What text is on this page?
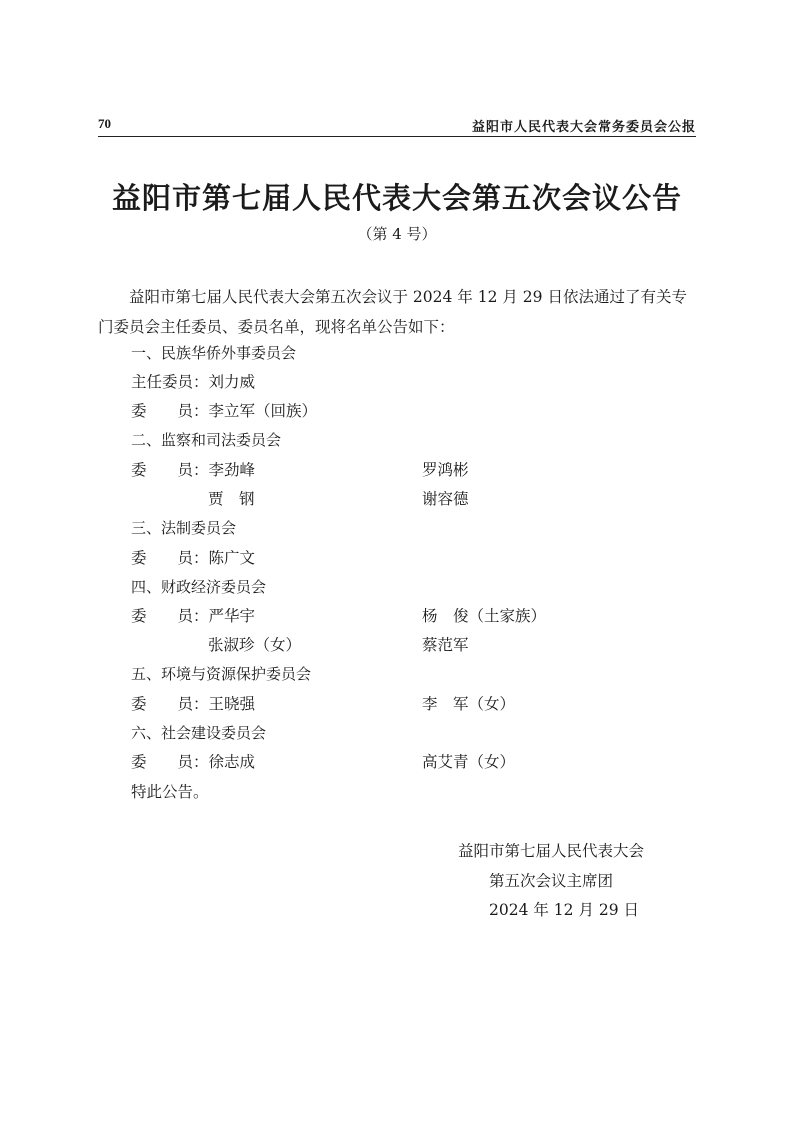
70	益阳市人民代表大会常务委员会公报
益阳市第七届人民代表大会第五次会议公告
（第 4 号）
益阳市第七届人民代表大会第五次会议于 2024 年 12 月 29 日依法通过了有关专门委员会主任委员、委员名单，现将名单公告如下：
一、民族华侨外事委员会
主任委员：刘力威
委　　员：李立军（回族）
二、监察和司法委员会
委　　员：李劲峰	罗鸿彬
贾　钢	谢容德
三、法制委员会
委　　员：陈广文
四、财政经济委员会
委　　员：严华宇	杨　俊（土家族）
张淑珍（女）	蔡范军
五、环境与资源保护委员会
委　　员：王晓强	李　军（女）
六、社会建设委员会
委　　员：徐志成	高艾青（女）
特此公告。
益阳市第七届人民代表大会
第五次会议主席团
2024 年 12 月 29 日
